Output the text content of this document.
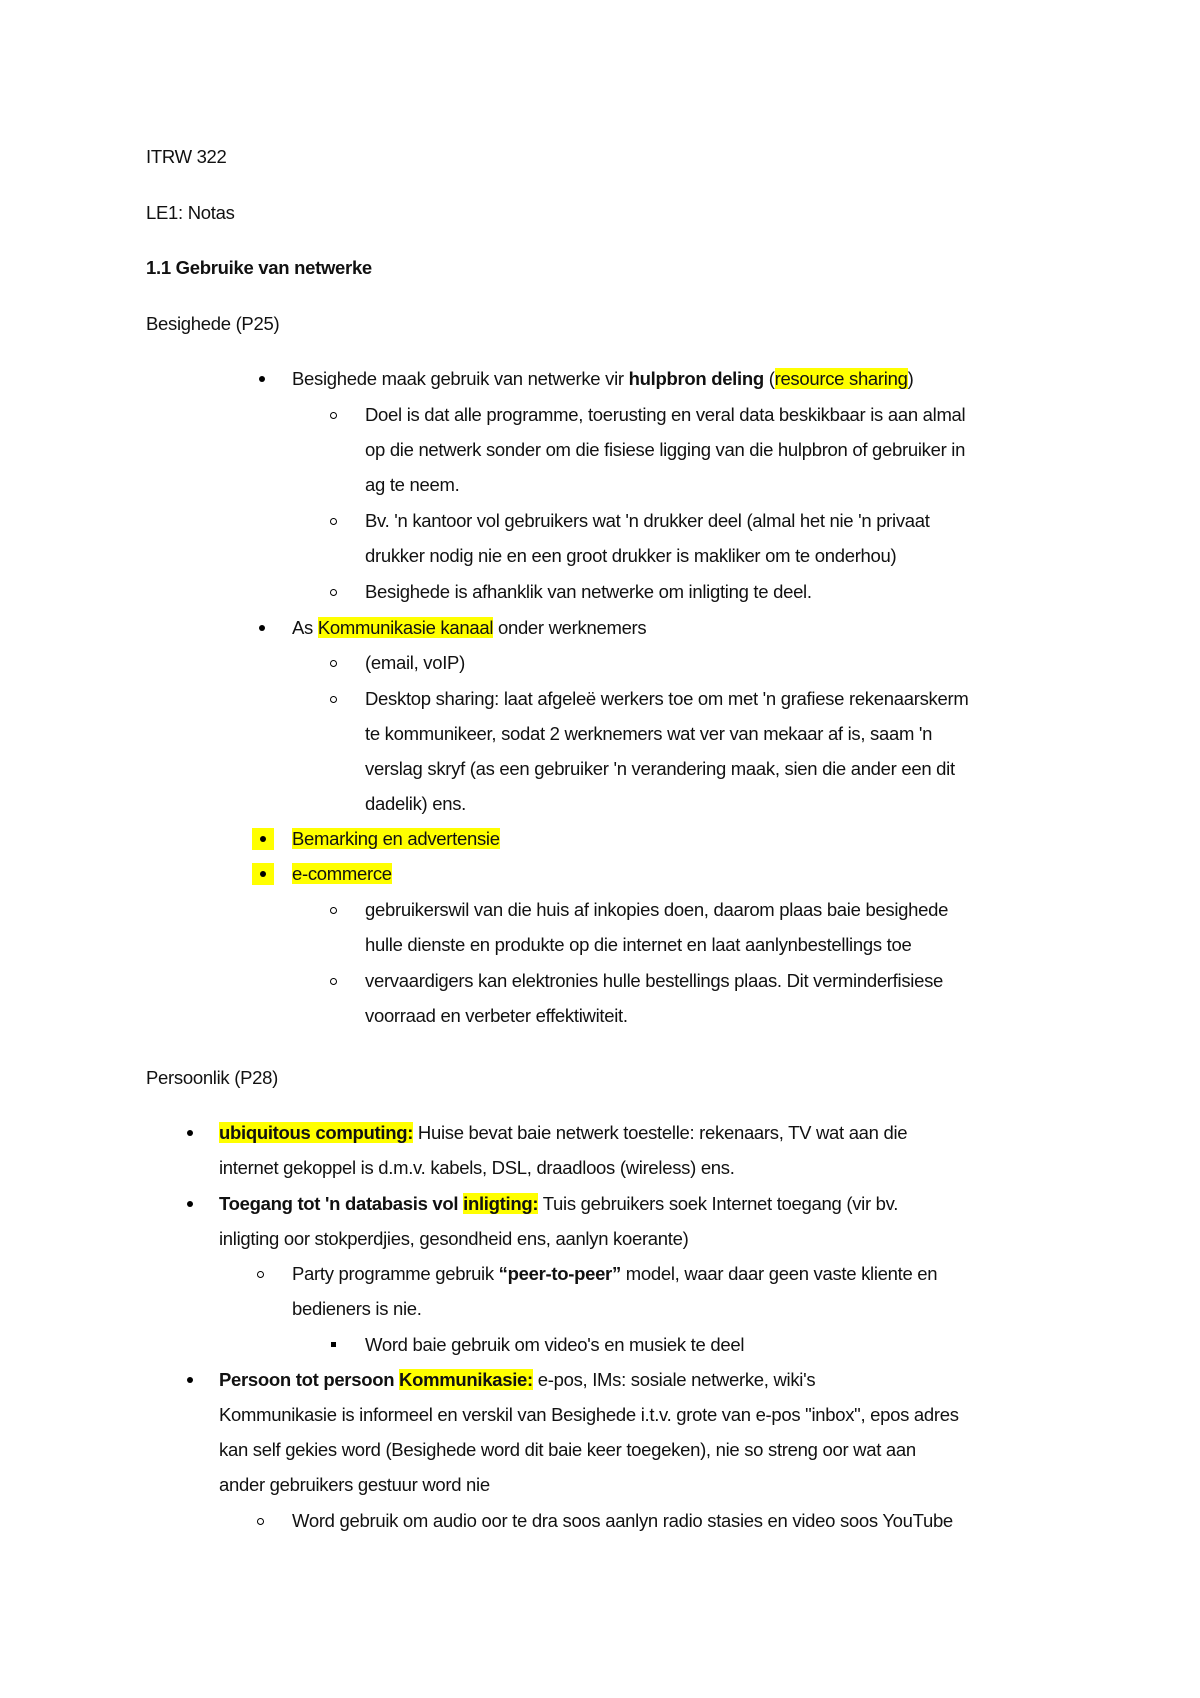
ITRW 322
LE1: Notas
1.1 Gebruike van netwerke
Besighede (P25)
Besighede maak gebruik van netwerke vir hulpbron deling (resource sharing)
Doel is dat alle programme, toerusting en veral data beskikbaar is aan almal
op die netwerk sonder om die fisiese ligging van die hulpbron of gebruiker in
ag te neem.
Bv. 'n kantoor vol gebruikers wat 'n drukker deel (almal het nie 'n privaat
drukker nodig nie en een groot drukker is makliker om te onderhou)
Besighede is afhanklik van netwerke om inligting te deel.
As Kommunikasie kanaal onder werknemers
(email, voIP)
Desktop sharing: laat afgeleë werkers toe om met 'n grafiese rekenaarskerm
te kommunikeer, sodat 2 werknemers wat ver van mekaar af is, saam 'n
verslag skryf (as een gebruiker 'n verandering maak, sien die ander een dit
dadelik) ens.
Bemarking en advertensie
e-commerce
gebruikerswil van die huis af inkopies doen, daarom plaas baie besighede
hulle dienste en produkte op die internet en laat aanlynbestellings toe
vervaardigers kan elektronies hulle bestellings plaas. Dit verminderfisiese
voorraad en verbeter effektiwiteit.
Persoonlik (P28)
ubiquitous computing: Huise bevat baie netwerk toestelle: rekenaars, TV wat aan die
internet gekoppel is d.m.v. kabels, DSL, draadloos (wireless) ens.
Toegang tot 'n databasis vol inligting: Tuis gebruikers soek Internet toegang (vir bv.
inligting oor stokperdjies, gesondheid ens, aanlyn koerante)
Party programme gebruik “peer-to-peer” model, waar daar geen vaste kliente en
bedieners is nie.
Word baie gebruik om video's en musiek te deel
Persoon tot persoon Kommunikasie: e-pos, IMs: sosiale netwerke, wiki's
Kommunikasie is informeel en verskil van Besighede i.t.v. grote van e-pos "inbox", epos adres
kan self gekies word (Besighede word dit baie keer toegeken), nie so streng oor wat aan
ander gebruikers gestuur word nie
Word gebruik om audio oor te dra soos aanlyn radio stasies en video soos YouTube
